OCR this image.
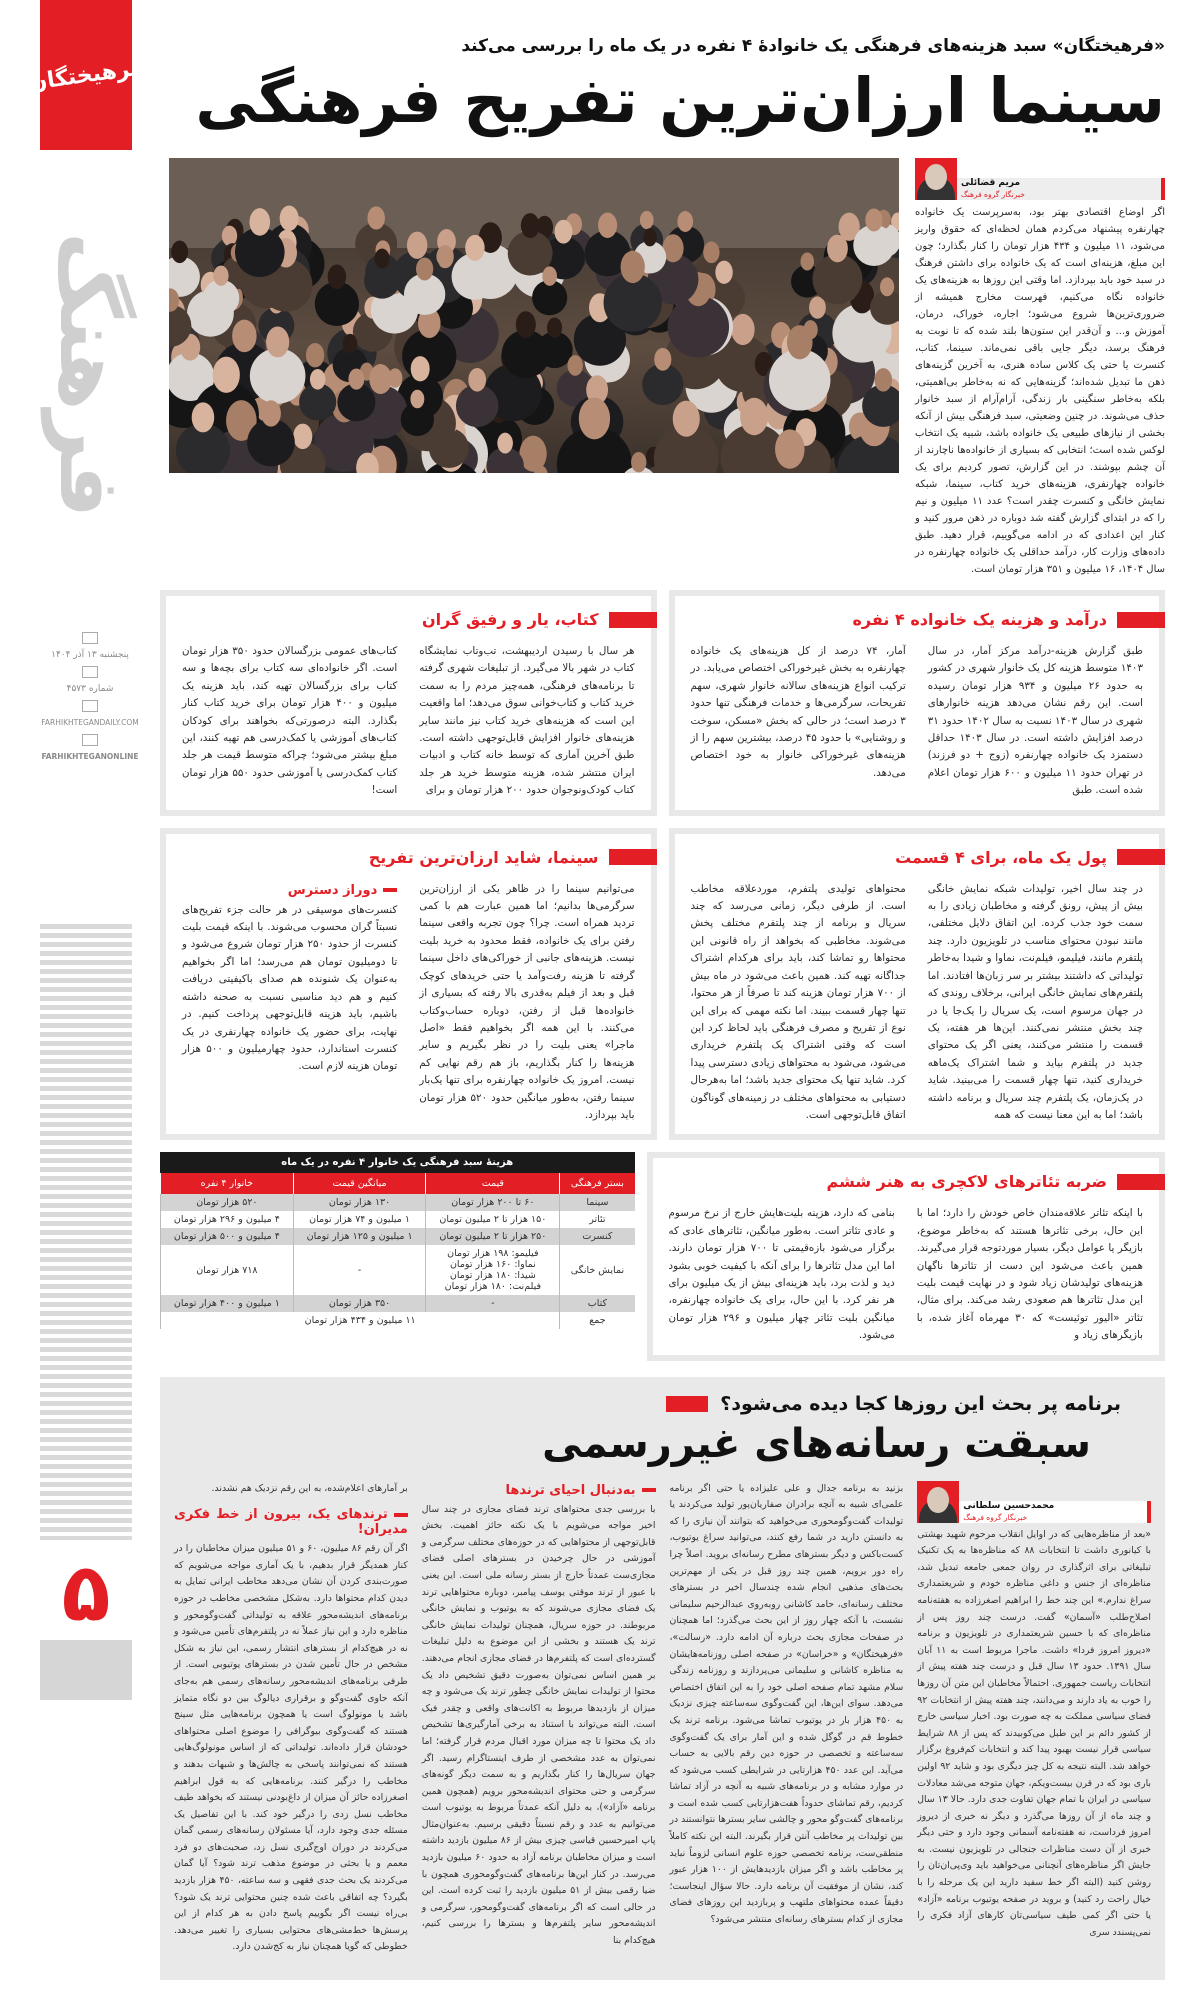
فرهیختگان
فرهنگ
پنجشنبه ۱۳ آذر ۱۴۰۴
شماره ۴۵۷۳
FARHIKHTEGANDAILY.COM
FARHIKHTEGANONLINE
۵
«فرهیختگان» سبد هزینه‌های فرهنگی یک خانوادۀ ۴ نفره در یک ماه را بررسی می‌کند
سینما ارزان‌ترین تفریح فرهنگی
مریم قضائلی
خبرنگار گروه فرهنگ
اگر اوضاع اقتصادی بهتر بود، به‌سرپرست یک خانواده چهارنفره پیشنهاد می‌کردم همان لحظه‌ای که حقوق واریز می‌شود، ۱۱ میلیون و ۴۳۴ هزار تومان را کنار بگذارد؛ چون این مبلغ، هزینه‌ای است که یک خانواده برای داشتن فرهنگ در سبد خود باید بپردازد. اما وقتی این روزها به هزینه‌های یک خانواده نگاه می‌کنیم، فهرست مخارج همیشه از ضروری‌ترین‌ها شروع می‌شود؛ اجاره، خوراک، درمان، آموزش و... و آن‌قدر این ستون‌ها بلند شده که تا نوبت به فرهنگ برسد، دیگر جایی باقی نمی‌ماند. سینما، کتاب، کنسرت یا حتی یک کلاس ساده هنری، به آخرین گزینه‌های ذهن ما تبدیل شده‌اند؛ گزینه‌هایی که نه به‌خاطر بی‌اهمیتی، بلکه به‌خاطر سنگینی بار زندگی، آرام‌آرام از سبد خانوار حذف می‌شوند. در چنین وضعیتی، سبد فرهنگی بیش از آنکه بخشی از نیازهای طبیعی یک خانواده باشد، شبیه یک انتخاب لوکس شده است؛ انتخابی که بسیاری از خانواده‌ها ناچارند از آن چشم بپوشند. در این گزارش، تصور کردیم برای یک خانواده چهارنفری، هزینه‌های خرید کتاب، سینما، شبکه نمایش خانگی و کنسرت چقدر است؟ عدد ۱۱ میلیون و نیم را که در ابتدای گزارش گفته شد دوباره در ذهن مرور کنید و کنار این اعدادی که در ادامه می‌گوییم، قرار دهید. طبق داده‌های وزارت کار، درآمد حداقلی یک خانواده چهارنفره در سال ۱۴۰۴، ۱۶ میلیون و ۳۵۱ هزار تومان است.
درآمد و هزینه یک خانواده ۴ نفره
طبق گزارش هزینه-درآمد مرکز آمار، در سال ۱۴۰۳ متوسط هزینه کل یک خانوار شهری در کشور به حدود ۲۶ میلیون و ۹۳۴ هزار تومان رسیده است. این رقم نشان می‌دهد هزینه خانوارهای شهری در سال ۱۴۰۳ نسبت به سال ۱۴۰۲ حدود ۳۱ درصد افزایش داشته است. در سال ۱۴۰۳ حداقل دستمزد یک خانواده چهارنفره (زوج + دو فرزند) در تهران حدود ۱۱ میلیون و ۶۰۰ هزار تومان اعلام شده است. طبق
آمار، ۷۴ درصد از کل هزینه‌های یک خانواده چهارنفره به بخش غیرخوراکی اختصاص می‌یابد. در ترکیب انواع هزینه‌های سالانه خانوار شهری، سهم تفریحات، سرگرمی‌ها و خدمات فرهنگی تنها حدود ۳ درصد است؛ در حالی که بخش «مسکن، سوخت و روشنایی» با حدود ۴۵ درصد، بیشترین سهم را از هزینه‌های غیرخوراکی خانوار به خود اختصاص می‌دهد.
کتاب، یار و رفیق گران
هر سال با رسیدن اردیبهشت، تب‌وتاب نمایشگاه کتاب در شهر بالا می‌گیرد. از تبلیغات شهری گرفته تا برنامه‌های فرهنگی، همه‌چیز مردم را به سمت خرید کتاب و کتاب‌خوانی سوق می‌دهد؛ اما واقعیت این است که هزینه‌های خرید کتاب نیز مانند سایر هزینه‌های خانوار افزایش قابل‌توجهی داشته است. طبق آخرین آماری که توسط خانه کتاب و ادبیات ایران منتشر شده، هزینه متوسط خرید هر جلد کتاب کودک‌ونوجوان حدود ۲۰۰ هزار تومان و برای
کتاب‌های عمومی بزرگسالان حدود ۳۵۰ هزار تومان است. اگر خانواده‌ای سه کتاب برای بچه‌ها و سه کتاب برای بزرگسالان تهیه کند، باید هزینه یک میلیون و ۴۰۰ هزار تومان برای خرید کتاب کنار بگذارد. البته درصورتی‌که بخواهند برای کودکان کتاب‌های آموزشی یا کمک‌درسی هم تهیه کنند، این مبلغ بیشتر می‌شود؛ چراکه متوسط قیمت هر جلد کتاب کمک‌درسی یا آموزشی حدود ۵۵۰ هزار تومان است!
پول یک ماه، برای ۴ قسمت
در چند سال اخیر، تولیدات شبکه نمایش خانگی بیش از پیش، رونق گرفته و مخاطبان زیادی را به سمت خود جذب کرده. این اتفاق دلایل مختلفی، مانند نبودن محتوای مناسب در تلویزیون دارد. چند پلتفرم مانند، فیلیمو، فیلم‌نت، نماوا و شیدا به‌خاطر تولیداتی که داشتند بیشتر بر سر زبان‌ها افتادند. اما پلتفرم‌های نمایش خانگی ایرانی، برخلاف روندی که در جهان مرسوم است، یک سریال را یک‌جا یا در چند بخش منتشر نمی‌کنند. این‌ها هر هفته، یک قسمت را منتشر می‌کنند، یعنی اگر یک محتوای جدید در پلتفرم بیاید و شما اشتراک یک‌ماهه خریداری کنید، تنها چهار قسمت را می‌بینید. شاید در یک‌زمان، یک پلتفرم چند سریال و برنامه داشته باشد؛ اما به این معنا نیست که همه
محتواهای تولیدی پلتفرم، موردعلاقه مخاطب است. از طرفی دیگر، زمانی می‌رسد که چند سریال و برنامه از چند پلتفرم مختلف پخش می‌شوند. مخاطبی که بخواهد از راه قانونی این محتواها رو تماشا کند، باید برای هرکدام اشتراک جداگانه تهیه کند. همین باعث می‌شود در ماه بیش از ۷۰۰ هزار تومان هزینه کند تا صرفاً از هر محتوا، تنها چهار قسمت ببیند. اما نکته مهمی که برای این نوع از تفریح و مصرف فرهنگی باید لحاظ کرد این است که وقتی اشتراک یک پلتفرم خریداری می‌شود، می‌شود به محتواهای زیادی دسترسی پیدا کرد. شاید تنها یک محتوای جدید باشد؛ اما به‌هرحال دستیابی به محتواهای مختلف در زمینه‌های گوناگون اتفاق قابل‌توجهی است.
سینما، شاید ارزان‌ترین تفریح
می‌توانیم سینما را در ظاهر یکی از ارزان‌ترین سرگرمی‌ها بدانیم؛ اما همین عبارت هم با کمی تردید همراه است. چرا؟ چون تجربه واقعی سینما رفتن برای یک خانواده، فقط محدود به خرید بلیت نیست. هزینه‌های جانبی از خوراکی‌های داخل سینما گرفته تا هزینه رفت‌وآمد یا حتی خریدهای کوچک قبل و بعد از فیلم به‌قدری بالا رفته که بسیاری از خانواده‌ها قبل از رفتن، دوباره حساب‌وکتاب می‌کنند. با این همه اگر بخواهیم فقط «اصل ماجرا» یعنی بلیت را در نظر بگیریم و سایر هزینه‌ها را کنار بگذاریم، باز هم رقم نهایی کم نیست. امروز یک خانواده چهارنفره برای تنها یک‌بار سینما رفتن، به‌طور میانگین حدود ۵۲۰ هزار تومان باید بپردازد.
دوراز دسترس
کنسرت‌های موسیقی در هر حالت جزء تفریح‌های نسبتاً گران محسوب می‌شوند. با اینکه قیمت بلیت کنسرت از حدود ۲۵۰ هزار تومان شروع می‌شود و تا دومیلیون تومان هم می‌رسد؛ اما اگر بخواهیم به‌عنوان یک شنونده هم صدای باکیفیتی دریافت کنیم و هم دید مناسبی نسبت به صحنه داشته باشیم، باید هزینه قابل‌توجهی پرداخت کنیم. در نهایت، برای حضور یک خانواده چهارنفری در یک کنسرت استاندارد، حدود چهارمیلیون و ۵۰۰ هزار تومان هزینه لازم است.
ضربه تئاترهای لاکچری به هنر ششم
با اینکه تئاتر علاقه‌مندان خاص خودش را دارد؛ اما با این حال، برخی تئاترها هستند که به‌خاطر موضوع، بازیگر یا عوامل دیگر، بسیار موردتوجه قرار می‌گیرند. همین باعث می‌شود این دست از تئاترها ناگهان هزینه‌های تولیدشان زیاد شود و در نهایت قیمت بلیت این مدل تئاترها هم صعودی رشد می‌کند. برای مثال، تئاتر «الیور توئیست» که ۳۰ مهرماه آغاز شده، با بازیگرهای زیاد و
بنامی که دارد، هزینه بلیت‌هایش خارج از نرخ مرسوم و عادی تئاتر است. به‌طور میانگین، تئاترهای عادی که برگزار می‌شود بازه‌قیمتی تا ۷۰۰ هزار تومان دارند. اما این مدل تئاترها را برای آنکه با کیفیت خوبی بشود دید و لذت برد، باید هزینه‌ای بیش از یک میلیون برای هر نفر کرد. با این حال، برای یک خانواده چهارنفره، میانگین بلیت تئاتر چهار میلیون و ۲۹۶ هزار تومان می‌شود.
هزینۀ سبد فرهنگی یک خانوار ۴ نفره در یک ماه
بستر فرهنگی	قیمت	میانگین قیمت	خانوار ۴ نفره
سینما	۶۰ تا ۲۰۰ هزار تومان	۱۳۰ هزار تومان	۵۲۰ هزار تومان
تئاتر	۱۵۰ هزار تا ۲ میلیون تومان	۱ میلیون و ۷۴ هزار تومان	۴ میلیون و ۲۹۶ هزار تومان
کنسرت	۲۵۰ هزار تا ۲ میلیون تومان	۱ میلیون و ۱۲۵ هزار تومان	۴ میلیون و ۵۰۰ هزار تومان
نمایش خانگی	فیلیمو: ۱۹۸ هزار تومان
نماوا: ۱۶۰ هزار تومان
شیدا: ۱۸۰ هزار تومان
فیلم‌نت: ۱۸۰ هزار تومان	-	۷۱۸ هزار تومان
کتاب	-	۳۵۰ هزار تومان	۱ میلیون و ۴۰۰ هزار تومان
جمع	۱۱ میلیون و ۴۳۴ هزار تومان		
برنامه پر بحث این روزها کجا دیده می‌شود؟
سبقت رسانه‌های غیررسمی
محمدحسین سلطانی
خبرنگار گروه فرهنگ
«بعد از مناظره‌هایی که در اوایل انقلاب مرحوم شهید بهشتی با کیانوری داشت تا انتخابات ۸۸ که مناظره‌ها به یک تکنیک تبلیغاتی برای اثرگذاری در روان جمعی جامعه تبدیل شد، مناظره‌ای از جنس و داغی مناظره خودم و شریعتمداری سراغ ندارم.» این چند خط را ابراهیم اصغرزاده به هفته‌نامه اصلاح‌طلب «آسمان» گفت. درست چند روز پس از مناظره‌ای که با حسین شریعتمداری در تلویزیون و برنامه «دیروز امروز فردا» داشت. ماجرا مربوط است به ۱۱ آبان سال ۱۳۹۱. حدود ۱۳ سال قبل و درست چند هفته پیش از انتخابات ریاست جمهوری. احتمالاً مخاطبان این متن آن روزها را خوب به یاد دارند و می‌دانند، چند هفته پیش از انتخابات ۹۲ فضای سیاسی مملکت به چه صورت بود. اخبار سیاسی خارج از کشور دائم بر این طبل می‌کوبیدند که پس از ۸۸ شرایط سیاسی قرار نیست بهبود پیدا کند و انتخابات کم‌فروغ برگزار خواهد شد. البته نتیجه به کل چیز دیگری بود و شاید ۹۲ اولین باری بود که در قرن بیست‌ویکم، جهان متوجه می‌شد معادلات سیاسی در ایران با تمام جهان تفاوت جدی دارد. حالا ۱۳ سال و چند ماه از آن روزها می‌گذرد و دیگر نه خبری از دیروز امروز فرداست، نه هفته‌نامه آسمانی وجود دارد و حتی دیگر خبری از آن دست مناظرات جنجالی در تلویزیون نیست. به جایش اگر مناظره‌های آنچنانی می‌خواهید باید وی‌پی‌ان‌تان را روشن کنید (البته اگر خط سفید دارید این یک مرحله را با خیال راحت رد کنید) و بروید در صفحه یوتیوب برنامه «آزاد» یا حتی اگر کمی طیف سیاسی‌تان کارهای آزاد فکری را نمی‌پسندد سری
بزنید به برنامه جدال و علی علیزاده یا حتی اگر برنامه علمی‌ای شبیه به آنچه برادران صفاریان‌پور تولید می‌کردند یا تولیدات گفت‌وگومحوری می‌خواهید که بتوانند آن نیازی را که به دانستن دارید در شما رفع کنند، می‌توانید سراغ یوتیوب، کست‌باکس و دیگر بسترهای مطرح رسانه‌ای بروید. اصلاً چرا راه دور برویم، همین چند روز قبل در یکی از مهم‌ترین بحث‌های مذهبی انجام شده چندسال اخیر در بسترهای مختلف رسانه‌ای، حامد کاشانی روبه‌روی عبدالرحیم سلیمانی نشست، با آنکه چهار روز از این بحث می‌گذرد؛ اما همچنان در صفحات مجازی بحث درباره آن ادامه دارد. «رسالت»، «فرهیختگان» و «خراسان» در صفحه اصلی روزنامه‌هایشان به مناظره کاشانی و سلیمانی می‌پردازند و روزنامه زندگی سلام مشهد تمام صفحه اصلی خود را به این اتفاق اختصاص می‌دهد. سوای این‌ها، این گفت‌وگوی سه‌ساعته چیزی نزدیک به ۴۵۰ هزار بار در یوتیوب تماشا می‌شود. برنامه ترند یک خطوط قم در گوگل شده و این آمار برای یک گفت‌وگوی سه‌ساعته و تخصصی در حوزه دین رقم بالایی به حساب می‌آید. این عدد ۴۵۰ هزارتایی در شرایطی کسب می‌شود که در موارد مشابه و در برنامه‌های شبیه به آنچه در آزاد تماشا کردیم، رقم تماشای حدوداً هفت‌هزارتایی کسب شده است و برنامه‌های گفت‌وگو محور و چالشی سایر بسترها نتوانستند در بین تولیدات پر مخاطب آنتن قرار بگیرند. البته این نکته کاملاً منطقی‌ست، برنامه تخصصی حوزه علوم انسانی لزوماً نباید پر مخاطب باشد و اگر میزان بازدیدهایش از ۱۰۰ هزار عبور کند، نشان از موفقیت آن برنامه دارد. حالا سؤال اینجاست؛ دقیقاً عمده محتواهای ملتهب و پربازدید این روزهای فضای مجازی از کدام بسترهای رسانه‌ای منتشر می‌شود؟
به‌دنبال احیای ترندها
با بررسی جدی محتواهای ترند فضای مجازی در چند سال اخیر مواجه می‌شویم با یک نکته حائز اهمیت. بخش قابل‌توجهی از محتواهایی که در حوزه‌های مختلف سرگرمی و آموزشی در حال چرخیدن در بسترهای اصلی فضای مجازی‌ست عمدتاً خارج از بستر رسانه ملی است. این یعنی با عبور از ترند موقتی یوسف پیامبر، دوباره محتواهایی ترند یک فضای مجازی می‌شوند که به یوتیوب و نمایش خانگی مربوطند. در حوزه سریال، همچنان تولیدات نمایش خانگی ترند یک هستند و بخشی از این موضوع به دلیل تبلیغات گسترده‌ای است که پلتفرم‌ها در فضای مجازی انجام می‌دهند. بر همین اساس نمی‌توان به‌صورت دقیق تشخیص داد یک محتوا از تولیدات نمایش خانگی چطور ترند یک می‌شود و چه میزان از بازدیدها مربوط به اکانت‌های واقعی و چقدر فیک است. البته می‌تواند با استناد به برخی آمارگیری‌ها تشخیص داد یک محتوا تا چه میزان مورد اقبال مردم قرار گرفته؛ اما نمی‌توان به عدد مشخصی از طرف اینستاگرام رسید. اگر جهان سریال‌ها را کنار بگذاریم و به سمت دیگر گونه‌های سرگرمی و حتی محتوای اندیشه‌محور برویم (همچون همین برنامه «آزاد»)، به دلیل آنکه عمدتاً مربوط به یوتیوب است می‌توانیم به عدد و رقم نسبتاً دقیقی برسیم. به‌عنوان‌مثال پاپ امیرحسین قیاسی چیزی بیش از ۸۶ میلیون بازدید داشته است و میزان مخاطبان برنامه آزاد به حدود ۶۰ میلیون بازدید می‌رسد. در کنار این‌ها برنامه‌های گفت‌وگومحوری همچون با ضیا رقمی بیش از ۵۱ میلیون بازدید را ثبت کرده است. این در حالی است که اگر برنامه‌های گفت‌وگومحور، سرگرمی و اندیشه‌محور سایر پلتفرم‌ها و بسترها را بررسی کنیم، هیچ‌کدام بنا
بر آمارهای اعلام‌شده، به این رقم نزدیک هم نشدند.
ترندهای یک، بیرون از خط فکری مدیران!
اگر آن رقم ۸۶ میلیون، ۶۰ و ۵۱ میلیون میزان مخاطبان را در کنار همدیگر قرار بدهیم، با یک آماری مواجه می‌شویم که صورت‌بندی کردن آن نشان می‌دهد مخاطب ایرانی تمایل به دیدن کدام محتواها دارد. به‌شکل مشخصی مخاطب در حوزه برنامه‌های اندیشه‌محور علاقه به تولیداتی گفت‌وگومحور و مناظره دارد و این نیاز عملاً نه در پلتفرم‌های تأمین می‌شود و نه در هیچ‌کدام از بسترهای انتشار رسمی، این نیاز به شکل مشخص در حال تأمین شدن در بسترهای یوتیوبی است. از طرفی برنامه‌های اندیشه‌محور رسانه‌های رسمی هم به‌جای آنکه حاوی گفت‌وگو و برقراری دیالوگ بین دو نگاه متمایز باشد یا مونولوگ است یا همچون برنامه‌هایی مثل سینج هستند که گفت‌وگوی بیوگرافی را موضوع اصلی محتواهای خودشان قرار داده‌اند. تولیداتی که از اساس مونولوگ‌هایی هستند که نمی‌توانند پاسخی به چالش‌ها و شبهات بدهند و مخاطب را درگیر کنند. برنامه‌هایی که به قول ابراهیم اصغرزاده حائز آن میزان از داغ‌بودنی نیستند که بخواهد طیف مخاطب نسل زدی را درگیر خود کند. با این تفاصیل یک مسئله جدی وجود دارد، آیا مسئولان رسانه‌های رسمی گمان می‌کردند در دوران اوج‌گیری نسل زد، صحبت‌های دو فرد معمم و یا بحثی در موضوع مذهب ترند شود؟ آیا گمان می‌کردند یک بحث جدی فقهی و سه ساعته، ۴۵۰ هزار بازدید بگیرد؟ چه اتفاقی باعث شده چنین محتوایی ترند یک شود؟ بی‌راه نیست اگر بگوییم پاسخ دادن به هر کدام از این پرسش‌ها خط‌مشی‌های محتوایی بسیاری را تغییر می‌دهد. خطوطی که گویا همچنان نیاز به کج‌شدن دارد.
